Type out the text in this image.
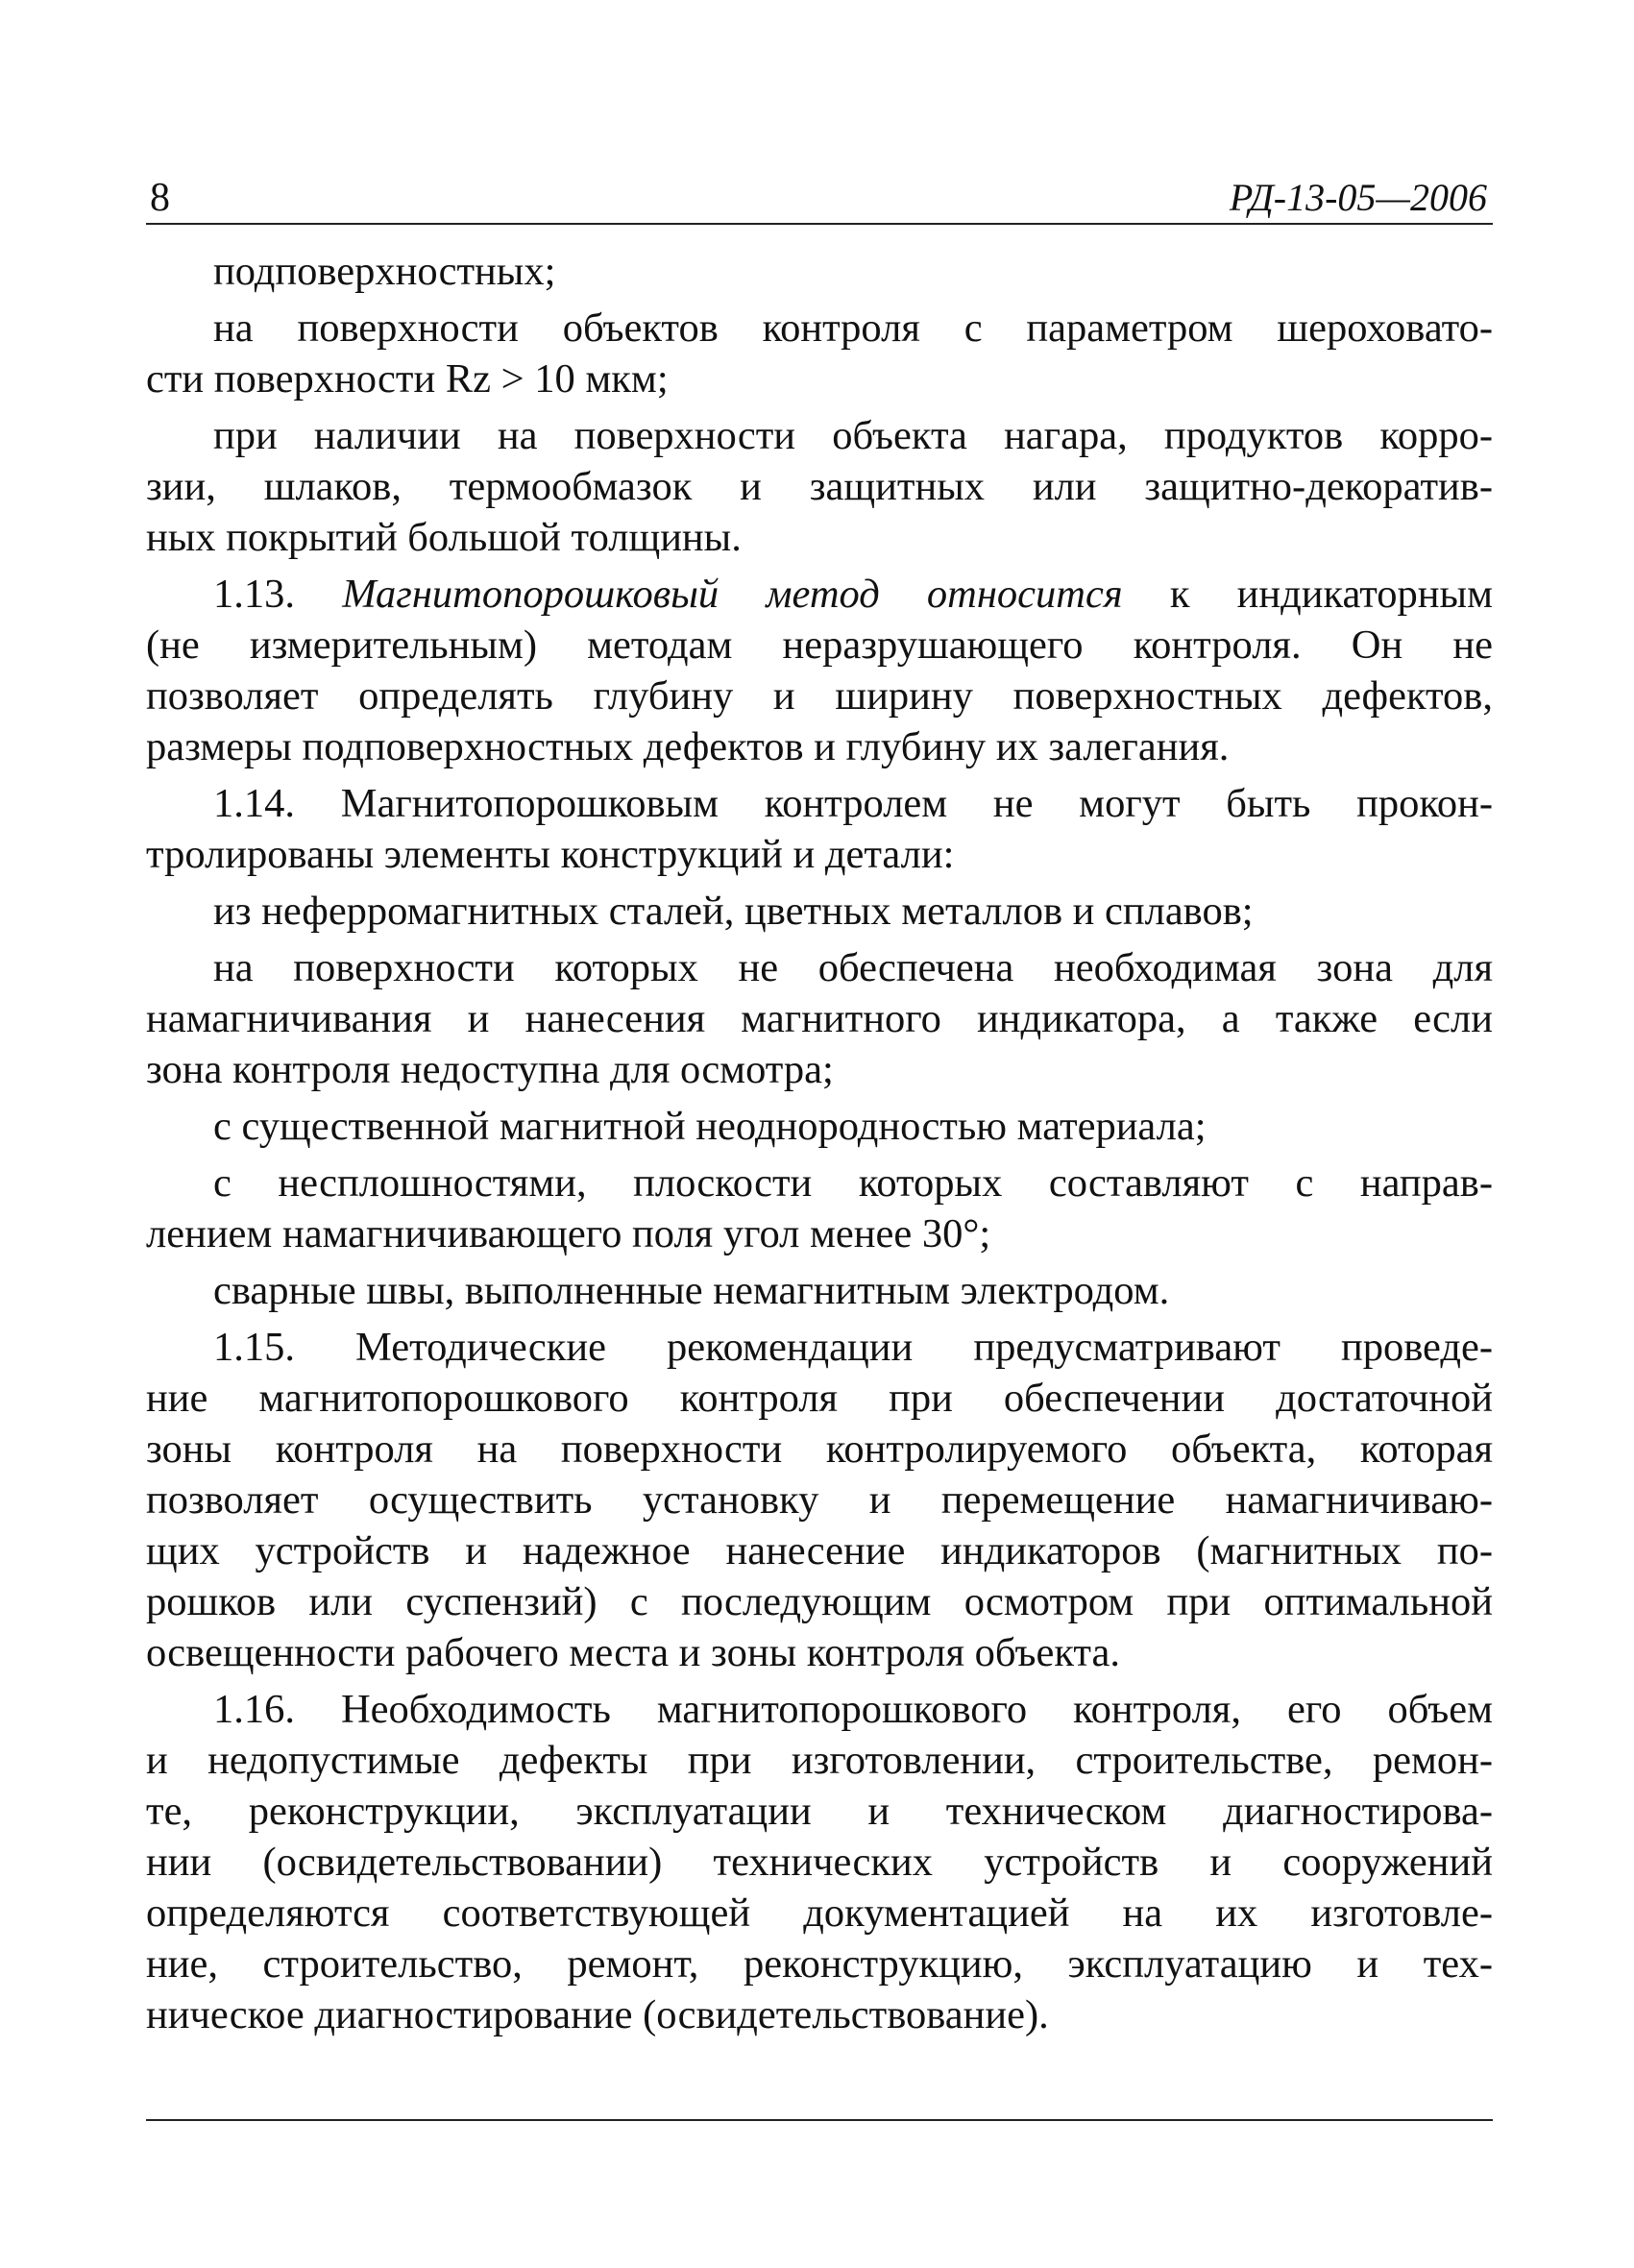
8	РД-13-05—2006
подповерхностных;
на поверхности объектов контроля с параметром шероховато-
сти поверхности Rz > 10 мкм;
при наличии на поверхности объекта нагара, продуктов корро-
зии, шлаков, термообмазок и защитных или защитно-декоратив-
ных покрытий большой толщины.
1.13. Магнитопорошковый метод относится к индикаторным
(не измерительным) методам неразрушающего контроля. Он не
позволяет определять глубину и ширину поверхностных дефектов,
размеры подповерхностных дефектов и глубину их залегания.
1.14. Магнитопорошковым контролем не могут быть прокон-
тролированы элементы конструкций и детали:
из неферромагнитных сталей, цветных металлов и сплавов;
на поверхности которых не обеспечена необходимая зона для
намагничивания и нанесения магнитного индикатора, а также если
зона контроля недоступна для осмотра;
с существенной магнитной неоднородностью материала;
с несплошностями, плоскости которых составляют с направ-
лением намагничивающего поля угол менее 30°;
сварные швы, выполненные немагнитным электродом.
1.15. Методические рекомендации предусматривают проведе-
ние магнитопорошкового контроля при обеспечении достаточной
зоны контроля на поверхности контролируемого объекта, которая
позволяет осуществить установку и перемещение намагничиваю-
щих устройств и надежное нанесение индикаторов (магнитных по-
рошков или суспензий) с последующим осмотром при оптимальной
освещенности рабочего места и зоны контроля объекта.
1.16. Необходимость магнитопорошкового контроля, его объем
и недопустимые дефекты при изготовлении, строительстве, ремон-
те, реконструкции, эксплуатации и техническом диагностирова-
нии (освидетельствовании) технических устройств и сооружений
определяются соответствующей документацией на их изготовле-
ние, строительство, ремонт, реконструкцию, эксплуатацию и тех-
ническое диагностирование (освидетельствование).
